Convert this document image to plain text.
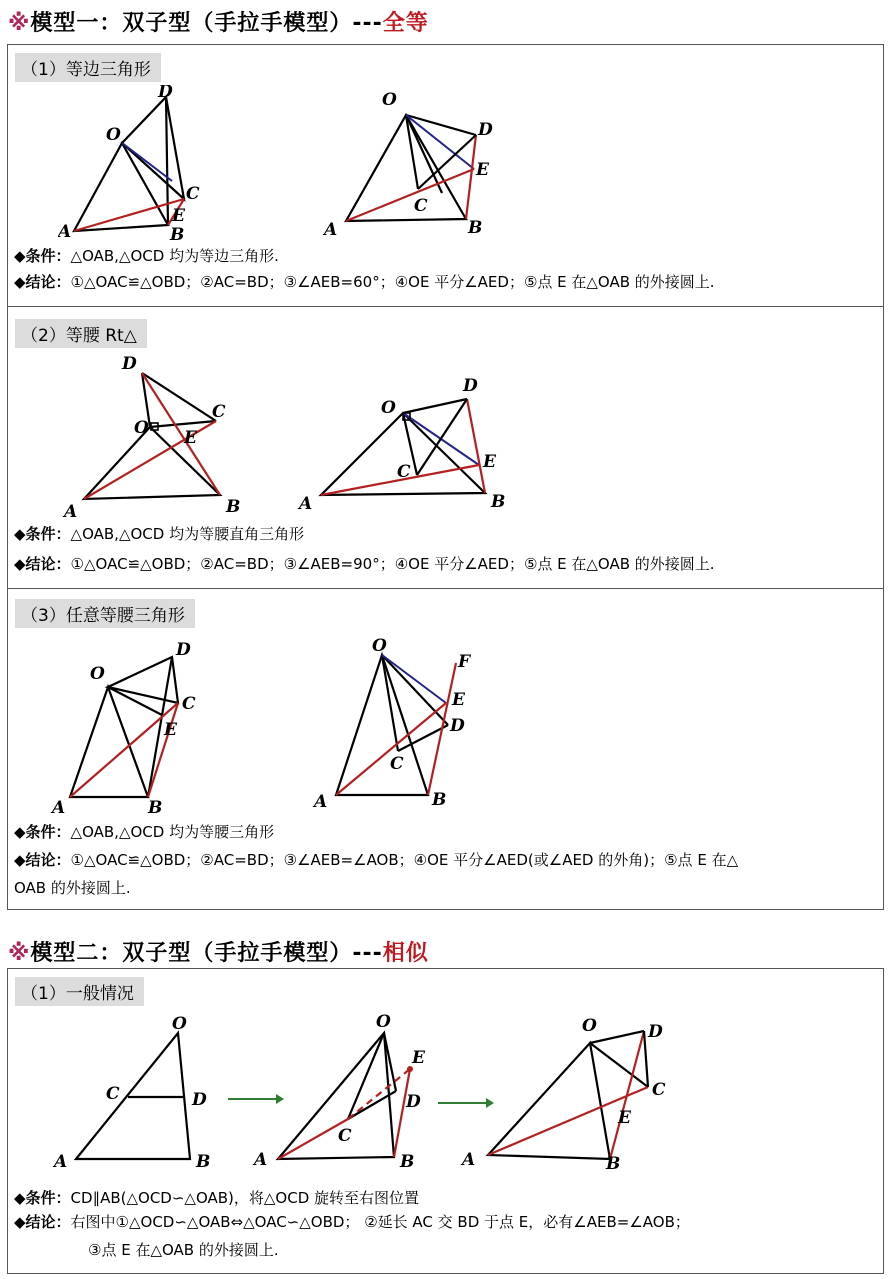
※模型一：双子型（手拉手模型）---全等
（1）等边三角形
D
O
C
E
A	B
O
D
E
C
A	B
◆条件：△OAB,△OCD 均为等边三角形.
◆结论：①△OAC≌△OBD；②AC=BD；③∠AEB=60°；④OE 平分∠AED；⑤点 E 在△OAB 的外接圆上.
（2）等腰 Rt△
D
C
O E
A	B
O
D
E
C
A	B
◆条件：△OAB,△OCD 均为等腰直角三角形
◆结论：①△OAC≌△OBD；②AC=BD；③∠AEB=90°；④OE 平分∠AED；⑤点 E 在△OAB 的外接圆上.
（3）任意等腰三角形
O
D
C
E
A	B
O
F
E
D
C
A	B
◆条件：△OAB,△OCD 均为等腰三角形
◆结论：①△OAC≌△OBD；②AC=BD；③∠AEB=∠AOB；④OE 平分∠AED(或∠AED 的外角)；⑤点 E 在△
OAB 的外接圆上.
※模型二：双子型（手拉手模型）---相似
（1）一般情况
O
C	D
A	B
O
E
D
C
A	B
O	D
C
E
A	B
◆条件：CD∥AB(△OCD∽△OAB)，将△OCD 旋转至右图位置
◆结论：右图中①△OCD∽△OAB⇔△OAC∽△OBD； ②延长 AC 交 BD 于点 E，必有∠AEB=∠AOB；
③点 E 在△OAB 的外接圆上.
